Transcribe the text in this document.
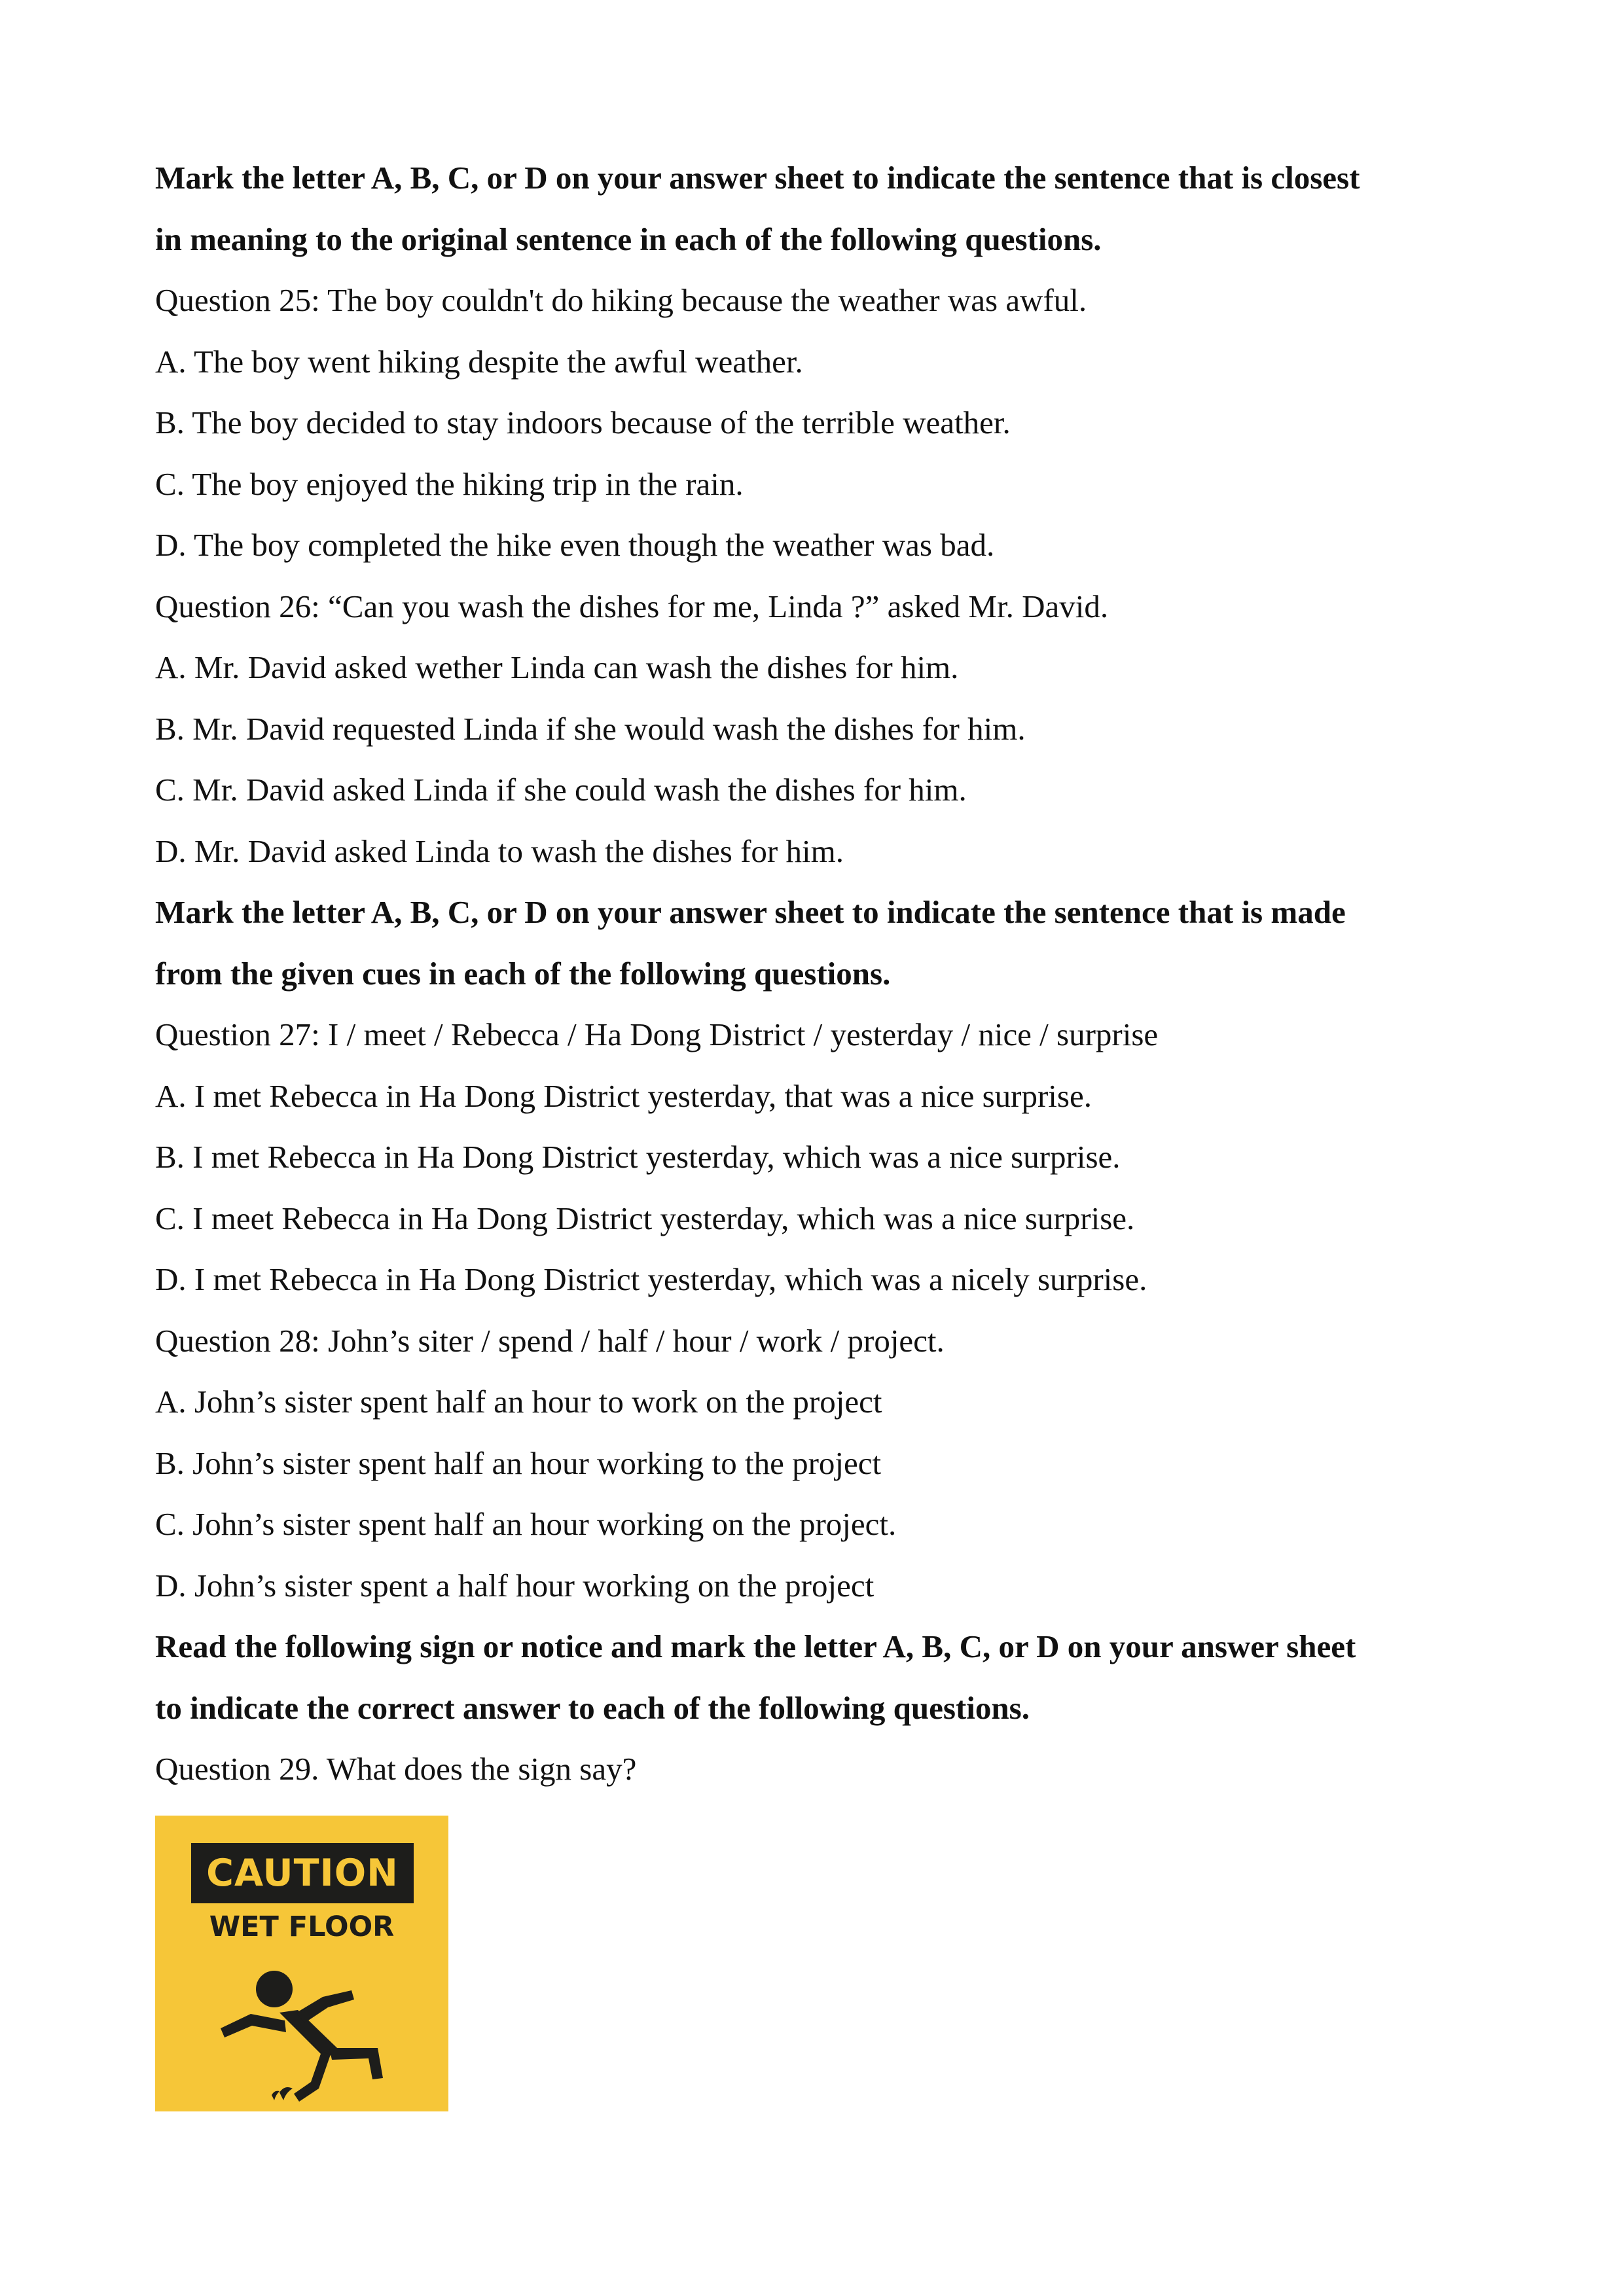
Mark the letter A, B, C, or D on your answer sheet to indicate the sentence that is closest
in meaning to the original sentence in each of the following questions.
Question 25: The boy couldn't do hiking because the weather was awful.
A. The boy went hiking despite the awful weather.
B. The boy decided to stay indoors because of the terrible weather.
C. The boy enjoyed the hiking trip in the rain.
D. The boy completed the hike even though the weather was bad.
Question 26: “Can you wash the dishes for me, Linda ?” asked Mr. David.
A. Mr. David asked wether Linda can wash the dishes for him.
B. Mr. David requested Linda if she would wash the dishes for him.
C. Mr. David asked Linda if she could wash the dishes for him.
D. Mr. David asked Linda to wash the dishes for him.
Mark the letter A, B, C, or D on your answer sheet to indicate the sentence that is made
from the given cues in each of the following questions.
Question 27: I / meet / Rebecca / Ha Dong District / yesterday / nice / surprise
A. I met Rebecca in Ha Dong District yesterday, that was a nice surprise.
B. I met Rebecca in Ha Dong District yesterday, which was a nice surprise.
C. I meet Rebecca in Ha Dong District yesterday, which was a nice surprise.
D. I met Rebecca in Ha Dong District yesterday, which was a nicely surprise.
Question 28: John’s siter / spend / half / hour / work / project.
A. John’s sister spent half an hour to work on the project
B. John’s sister spent half an hour working to the project
C. John’s sister spent half an hour working on the project.
D. John’s sister spent a half hour working on the project
Read the following sign or notice and mark the letter A, B, C, or D on your answer sheet
to indicate the correct answer to each of the following questions.
Question 29. What does the sign say?
CAUTION
WET FLOOR
